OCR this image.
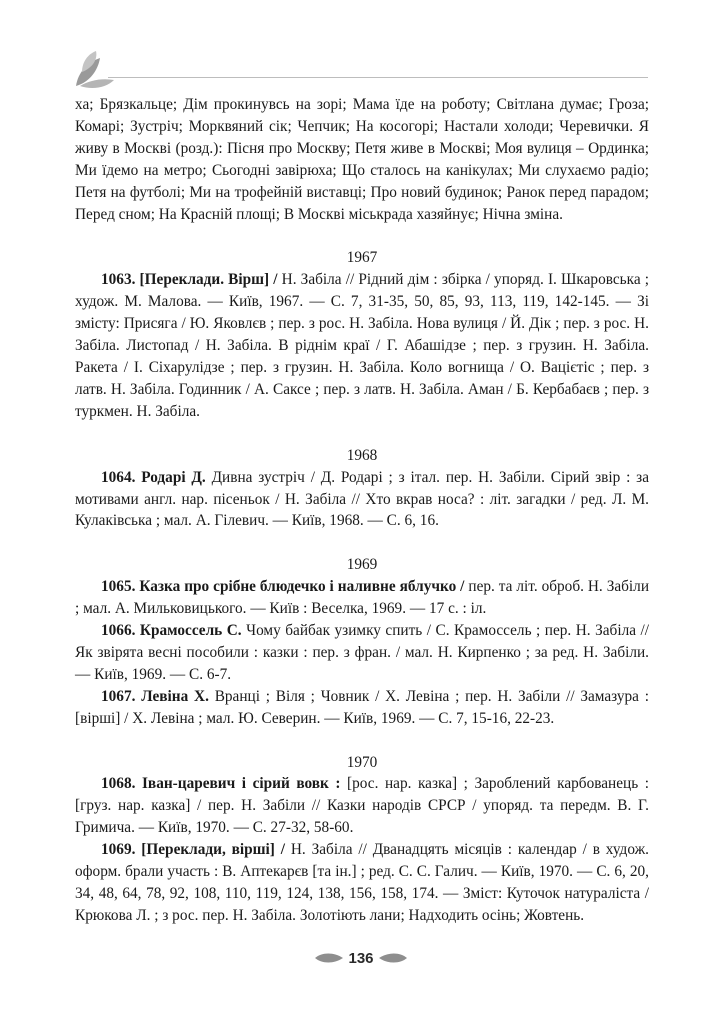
ха; Брязкальце; Дім прокинувсь на зорі; Мама їде на роботу; Світлана думає; Гроза; Комарі; Зустріч; Морквяний сік; Чепчик; На косогорі; Настали холоди; Черевички. Я живу в Москві (розд.): Пісня про Москву; Петя живе в Москві; Моя вулиця – Ординка; Ми їдемо на метро; Сьогодні завірюха; Що сталось на канікулах; Ми слухаємо радіо; Петя на футболі; Ми на трофейній виставці; Про новий будинок; Ранок перед парадом; Перед сном; На Красній площі; В Москві міськрада хазяйнує; Нічна зміна.

1967

1063. [Переклади. Вірш] / Н. Забіла // Рідний дім : збірка / упоряд. І. Шкаровська ; худож. М. Малова. — Київ, 1967. — С. 7, 31-35, 50, 85, 93, 113, 119, 142-145. — Зі змісту: Присяга / Ю. Яковлєв ; пер. з рос. Н. Забіла. Нова вулиця / Й. Дік ; пер. з рос. Н. Забіла. Листопад / Н. Забіла. В ріднім краї / Г. Абашідзе ; пер. з грузин. Н. Забіла. Ракета / І. Сіхарулідзе ; пер. з грузин. Н. Забіла. Коло вогнища / О. Вацієтіс ; пер. з латв. Н. Забіла. Годинник / А. Саксе ; пер. з латв. Н. Забіла. Аман / Б. Кербабаєв ; пер. з туркмен. Н. Забіла.

1968

1064. Родарі Д. Дивна зустріч / Д. Родарі ; з італ. пер. Н. Забіли. Сірий звір : за мотивами англ. нар. пісеньок / Н. Забіла // Хто вкрав носа? : літ. загадки / ред. Л. М. Кулаківська ; мал. А. Гілевич. — Київ, 1968. — С. 6, 16.

1969

1065. Казка про срібне блюдечко і наливне яблучко / пер. та літ. оброб. Н. Забіли ; мал. А. Мильковицького. — Київ : Веселка, 1969. — 17 с. : іл.

1066. Крамоссель С. Чому байбак узимку спить / С. Крамоссель ; пер. Н. Забіла // Як звірята весні пособили : казки : пер. з фран. / мал. Н. Кирпенко ; за ред. Н. Забіли. — Київ, 1969. — С. 6-7.

1067. Левіна Х. Вранці ; Віля ; Човник / Х. Левіна ; пер. Н. Забіли // Замазура : [вірші] / Х. Левіна ; мал. Ю. Северин. — Київ, 1969. — С. 7, 15-16, 22-23.

1970

1068. Іван-царевич і сірий вовк : [рос. нар. казка] ; Зароблений карбованець : [груз. нар. казка] / пер. Н. Забіли // Казки народів СРСР / упоряд. та передм. В. Г. Гримича. — Київ, 1970. — С. 27-32, 58-60.

1069. [Переклади, вірші] / Н. Забіла // Дванадцять місяців : календар / в худож. оформ. брали участь : В. Аптекарєв [та ін.] ; ред. С. С. Галич. — Київ, 1970. — С. 6, 20, 34, 48, 64, 78, 92, 108, 110, 119, 124, 138, 156, 158, 174. — Зміст: Куточок натураліста / Крюкова Л. ; з рос. пер. Н. Забіла. Золотіють лани; Надходить осінь; Жовтень.

136
